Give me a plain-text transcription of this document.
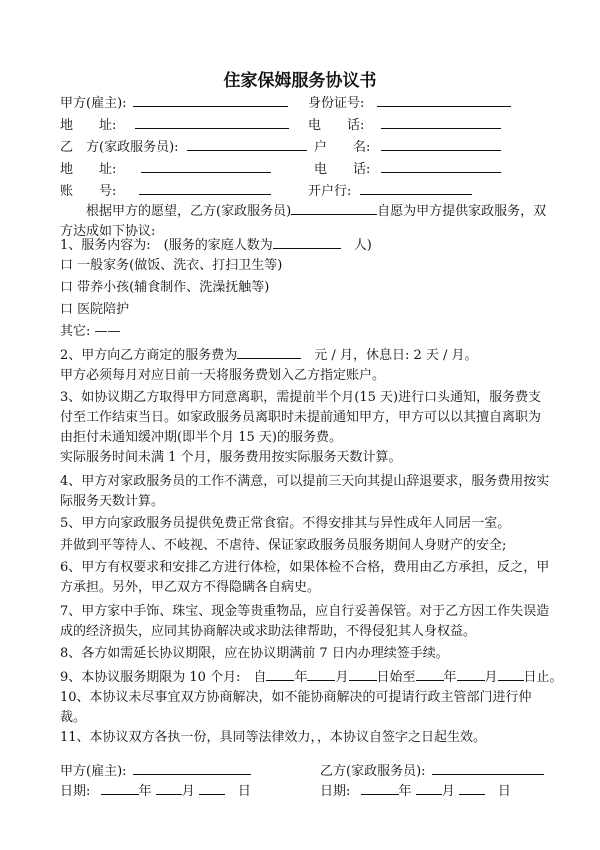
住家保姆服务协议书
甲方(雇主):	身份证号:
地　　址:	电　　话:
乙　方(家政服务员):	户　　名:
地　　址:	电　　话:
账　　号:	开户行:
根据甲方的愿望，乙方(家政服务员)	自愿为甲方提供家政服务，双方达成如下协议:
1、服务内容为:　(服务的家庭人数为　	人)
口 一般家务(做饭、洗衣、打扫卫生等)
口 带养小孩(辅食制作、洗澡抚触等)
口 医院陪护
其它: ——
2、甲方向乙方商定的服务费为　	元 / 月，休息日: 2 天 / 月。
甲方必须每月对应日前一天将服务费划入乙方指定账户。
3、如协议期乙方取得甲方同意离职，需提前半个月(15 天)进行口头通知，服务费支付至工作结束当日。如家政服务员离职时未提前通知甲方，甲方可以以其擅自离职为由拒付未通知缓冲期(即半个月 15 天)的服务费。
实际服务时间未满 1 个月，服务费用按实际服务天数计算。
4、甲方对家政服务员的工作不满意，可以提前三天向其提山辞退要求，服务费用按实际服务天数计算。
5、甲方向家政服务员提供免费正常食宿。不得安排其与异性成年人同居一室。
并做到平等待人、不岐视、不虐待、保证家政服务员服务期间人身财产的安全;
6、甲方有权要求和安排乙方进行体检，如果体检不合格，费用由乙方承担，反之，甲方承担。另外，甲乙双方不得隐瞒各自病史。
7、甲方家中手饰、珠宝、现金等贵重物品，应自行妥善保管。对于乙方因工作失误造成的经济损失，应同其协商解决或求助法律帮助，不得侵犯其人身权益。
8、各方如需延长协议期限，应在协议期满前 7 日内办理续签手续。
9、本协议服务期限为 10 个月:　自 年 月 日始至 年 月 日止。
10、本协议未尽事宜双方协商解决，如不能协商解决的可提请行政主管部门进行仲裁。
11、本协议双方各执一份，具同等法律效力，，本协议自签字之日起生效。
甲方(雇主):	乙方(家政服务员):
日期:	年 月 　	日	日期:	年 月 　	日
